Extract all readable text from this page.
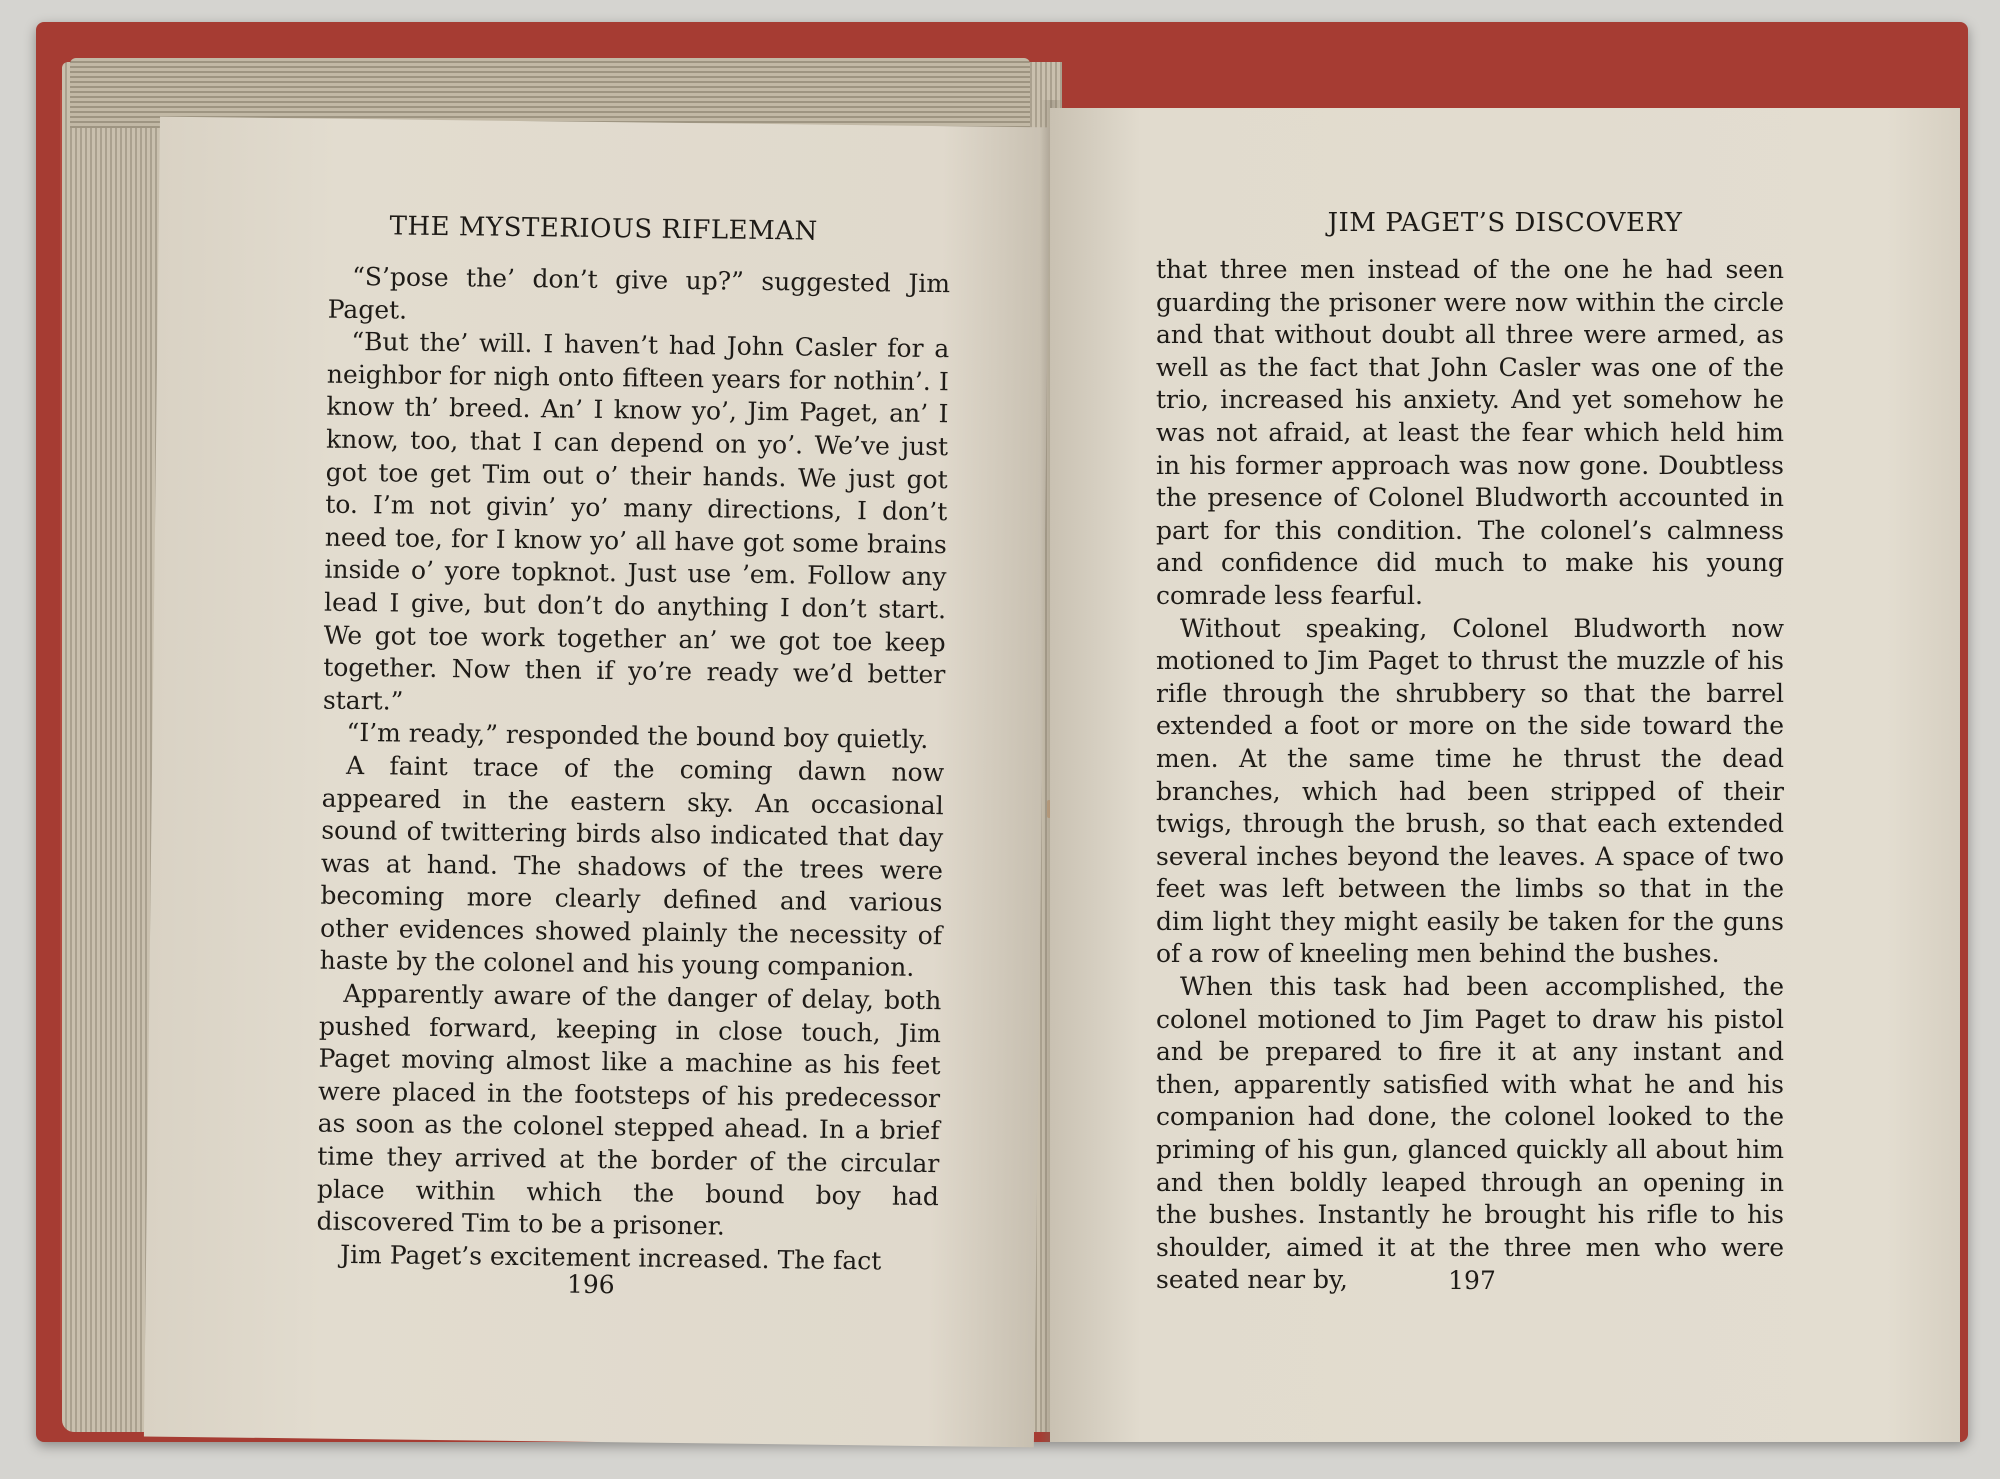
THE MYSTERIOUS RIFLEMAN

“S’pose the’ don’t give up?” suggested Jim Paget.

“But the’ will. I haven’t had John Casler for a neighbor for nigh onto fifteen years for nothin’. I know th’ breed. An’ I know yo’, Jim Paget, an’ I know, too, that I can depend on yo’. We’ve just got toe get Tim out o’ their hands. We just got to. I’m not givin’ yo’ many directions, I don’t need toe, for I know yo’ all have got some brains inside o’ yore topknot. Just use ’em. Follow any lead I give, but don’t do anything I don’t start. We got toe work together an’ we got toe keep together. Now then if yo’re ready we’d better start.”

“I’m ready,” responded the bound boy quietly.

A faint trace of the coming dawn now appeared in the eastern sky. An occasional sound of twittering birds also indicated that day was at hand. The shadows of the trees were becoming more clearly defined and various other evidences showed plainly the necessity of haste by the colonel and his young companion.

Apparently aware of the danger of delay, both pushed forward, keeping in close touch, Jim Paget moving almost like a machine as his feet were placed in the footsteps of his predecessor as soon as the colonel stepped ahead. In a brief time they arrived at the border of the circular place within which the bound boy had discovered Tim to be a prisoner.

Jim Paget’s excitement increased. The fact

196
JIM PAGET’S DISCOVERY

that three men instead of the one he had seen guarding the prisoner were now within the circle and that without doubt all three were armed, as well as the fact that John Casler was one of the trio, increased his anxiety. And yet somehow he was not afraid, at least the fear which held him in his former approach was now gone. Doubtless the presence of Colonel Bludworth accounted in part for this condition. The colonel’s calmness and confidence did much to make his young comrade less fearful.

Without speaking, Colonel Bludworth now motioned to Jim Paget to thrust the muzzle of his rifle through the shrubbery so that the barrel extended a foot or more on the side toward the men. At the same time he thrust the dead branches, which had been stripped of their twigs, through the brush, so that each extended several inches beyond the leaves. A space of two feet was left between the limbs so that in the dim light they might easily be taken for the guns of a row of kneeling men behind the bushes.

When this task had been accomplished, the colonel motioned to Jim Paget to draw his pistol and be prepared to fire it at any instant and then, apparently satisfied with what he and his companion had done, the colonel looked to the priming of his gun, glanced quickly all about him and then boldly leaped through an opening in the bushes. Instantly he brought his rifle to his shoulder, aimed it at the three men who were seated near by,	197
